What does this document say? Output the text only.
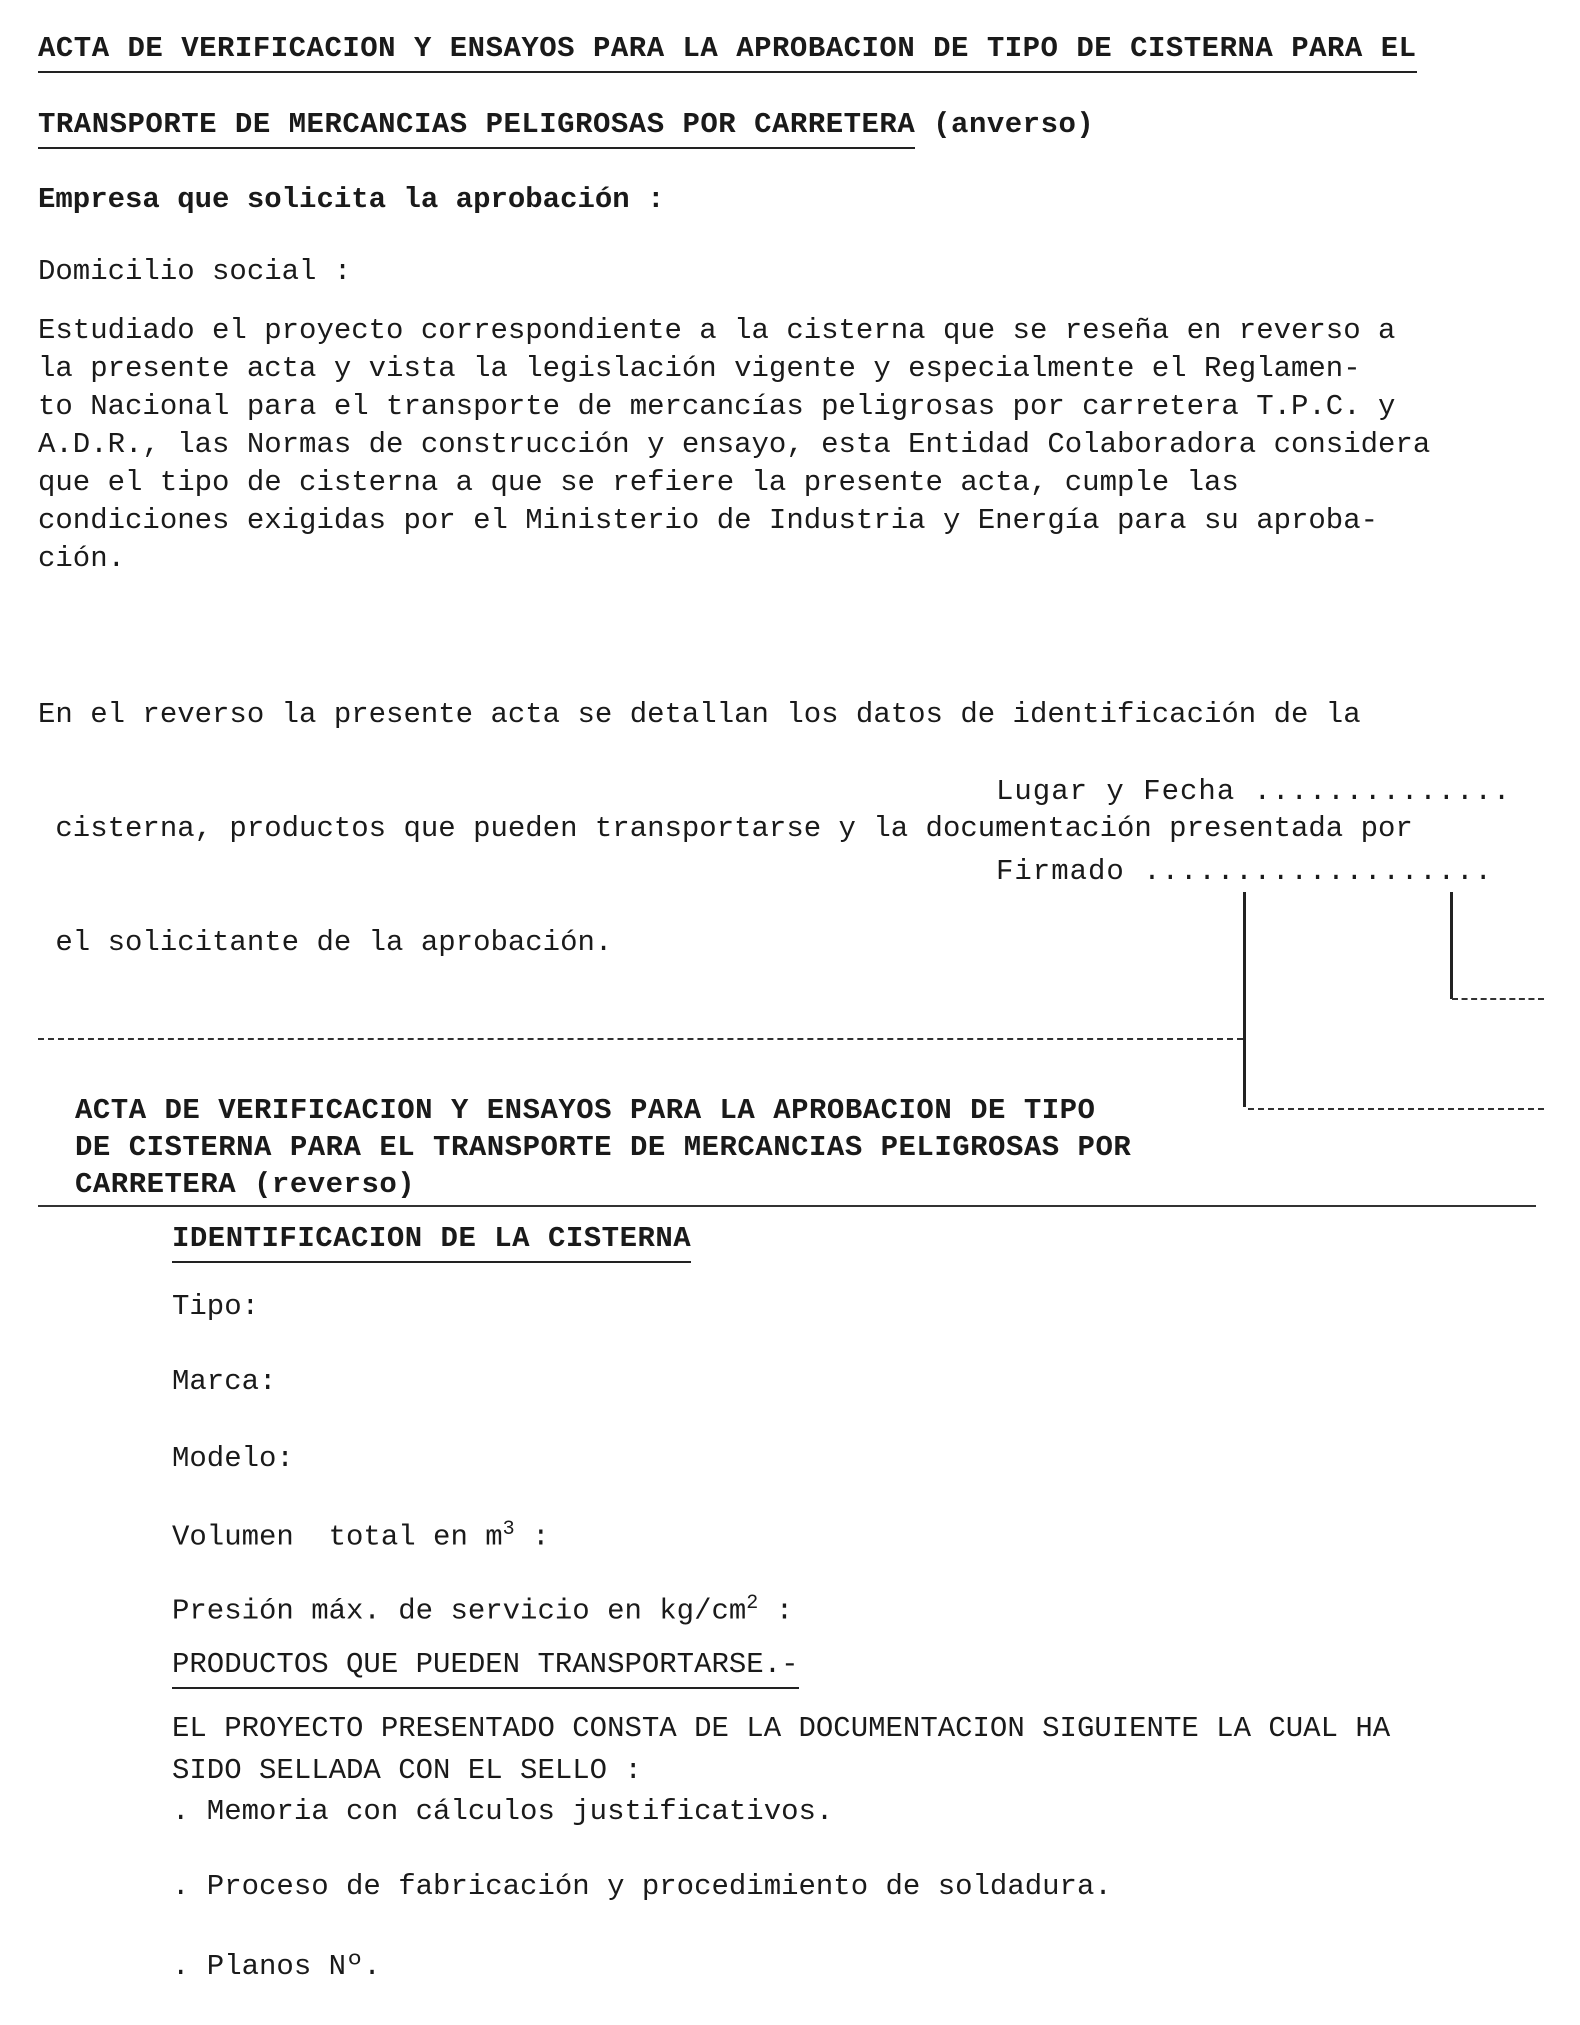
ACTA DE VERIFICACION Y ENSAYOS PARA LA APROBACION DE TIPO DE CISTERNA PARA EL
TRANSPORTE DE MERCANCIAS PELIGROSAS POR CARRETERA (anverso)
Empresa que solicita la aprobación :
Domicilio social :
Estudiado el proyecto correspondiente a la cisterna que se reseña en reverso a
la presente acta y vista la legislación vigente y especialmente el Reglamen-
to Nacional para el transporte de mercancías peligrosas por carretera T.P.C. y
A.D.R., las Normas de construcción y ensayo, esta Entidad Colaboradora considera
que el tipo de cisterna a que se refiere la presente acta, cumple las
condiciones exigidas por el Ministerio de Industria y Energía para su aproba-
ción.

En el reverso la presente acta se detallan los datos de identificación de la

cisterna, productos que pueden transportarse y la documentación presentada por

el solicitante de la aprobación.

Lugar y Fecha ..............
Firmado ...................
ACTA DE VERIFICACION Y ENSAYOS PARA LA APROBACION DE TIPO
DE CISTERNA PARA EL TRANSPORTE DE MERCANCIAS PELIGROSAS POR
CARRETERA (reverso)
IDENTIFICACION DE LA CISTERNA
Tipo:
Marca:
Modelo:
Volumen  total en $m^3$ :
Presión máx. de servicio en $kg/cm^2$ :
PRODUCTOS QUE PUEDEN TRANSPORTARSE.-
EL PROYECTO PRESENTADO CONSTA DE LA DOCUMENTACION SIGUIENTE LA CUAL HA
SIDO SELLADA CON EL SELLO :
. Memoria con cálculos justificativos.
. Proceso de fabricación y procedimiento de soldadura.
. Planos Nº.
